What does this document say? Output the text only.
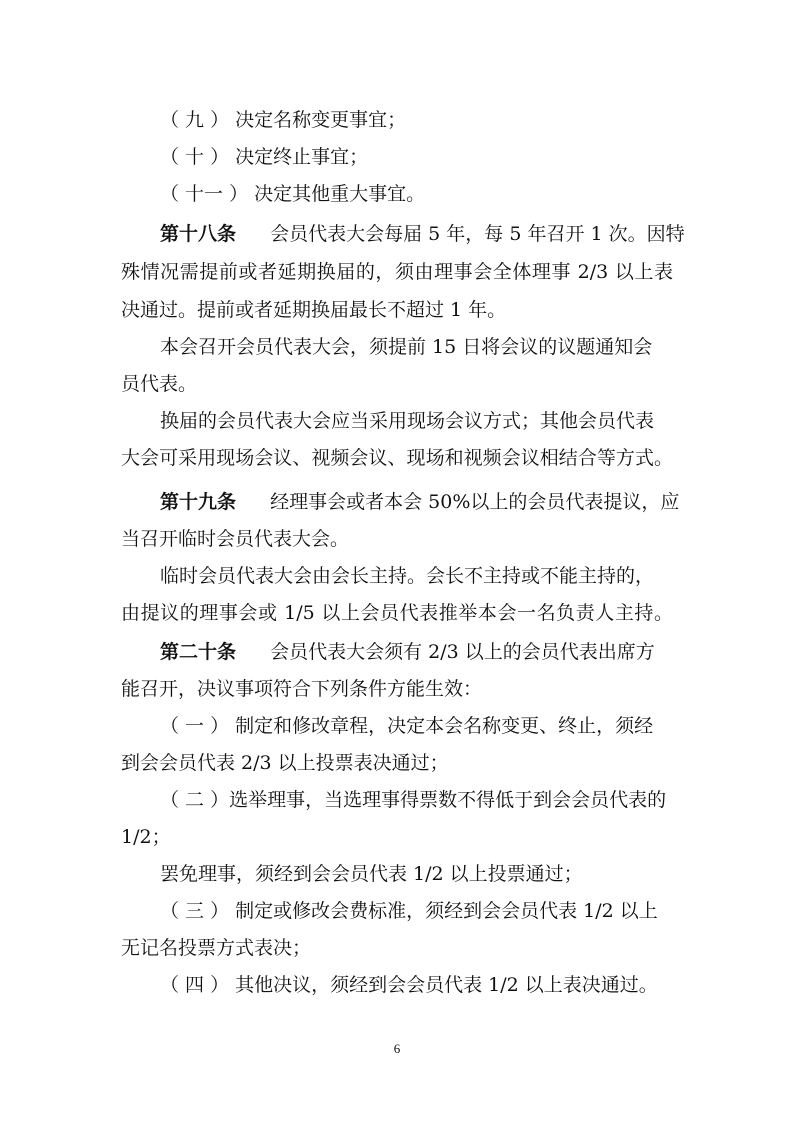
（ 九 ） 决定名称变更事宜；
（ 十 ） 决定终止事宜；
（ 十一 ） 决定其他重大事宜。
第十八条 会员代表大会每届 5 年，每 5 年召开 1 次。因特
殊情况需提前或者延期换届的，须由理事会全体理事 2/3 以上表
决通过。提前或者延期换届最长不超过 1 年。
本会召开会员代表大会，须提前 15 日将会议的议题通知会
员代表。
换届的会员代表大会应当采用现场会议方式；其他会员代表
大会可采用现场会议、视频会议、现场和视频会议相结合等方式。
第十九条 经理事会或者本会 50%以上的会员代表提议，应
当召开临时会员代表大会。
临时会员代表大会由会长主持。会长不主持或不能主持的，
由提议的理事会或 1/5 以上会员代表推举本会一名负责人主持。
第二十条 会员代表大会须有 2/3 以上的会员代表出席方
能召开，决议事项符合下列条件方能生效：
（ 一 ） 制定和修改章程，决定本会名称变更、终止，须经
到会会员代表 2/3 以上投票表决通过；
（ 二 ）选举理事，当选理事得票数不得低于到会会员代表的
1/2；
罢免理事，须经到会会员代表 1/2 以上投票通过；
（ 三 ） 制定或修改会费标准，须经到会会员代表 1/2 以上
无记名投票方式表决；
（ 四 ） 其他决议，须经到会会员代表 1/2 以上表决通过。
6
